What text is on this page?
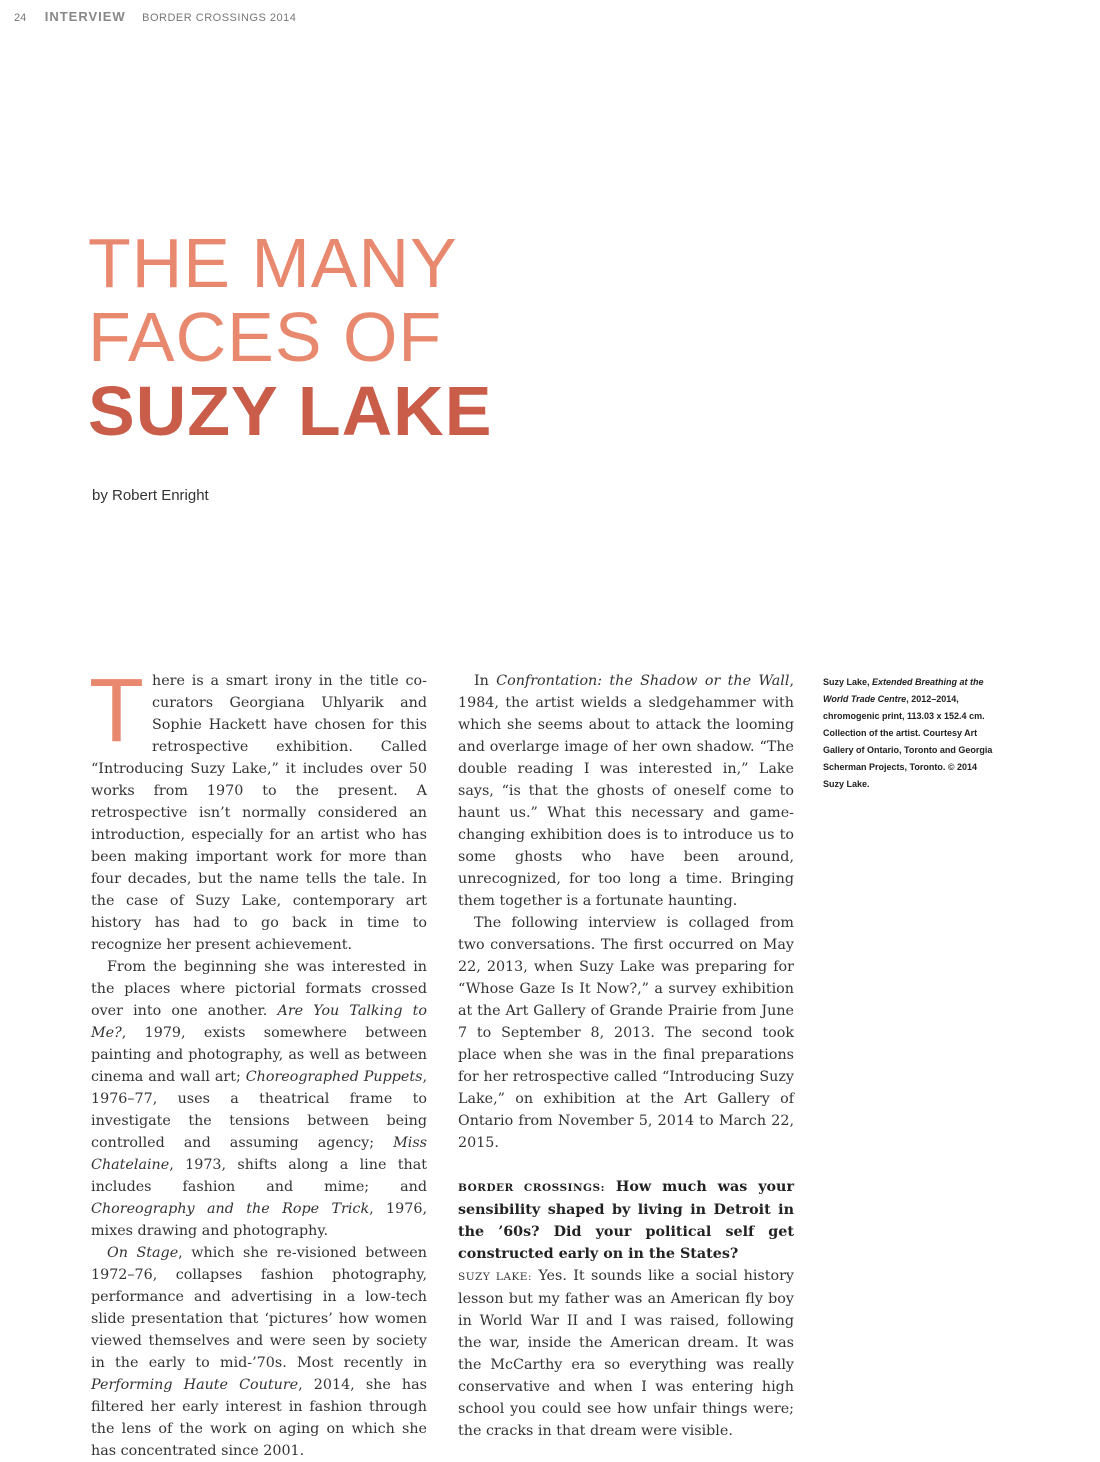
24 INTERVIEW BORDER CROSSINGS 2014
THE MANY
FACES OF
SUZY LAKE
by Robert Enright

There is a smart irony in the title co-curators Georgiana Uhlyarik and Sophie Hackett have chosen for this retrospective exhibition. Called “Introducing Suzy Lake,” it includes over 50 works from 1970 to the present. A retrospective isn’t normally considered an introduction, especially for an artist who has been making important work for more than four decades, but the name tells the tale. In the case of Suzy Lake, contemporary art history has had to go back in time to recognize her present achievement.

From the beginning she was interested in the places where pictorial formats crossed over into one another. Are You Talking to Me?, 1979, exists somewhere between painting and photography, as well as between cinema and wall art; Choreographed Puppets, 1976–77, uses a theatrical frame to investigate the tensions between being controlled and assuming agency; Miss Chatelaine, 1973, shifts along a line that includes fashion and mime; and Choreography and the Rope Trick, 1976, mixes drawing and photography.

On Stage, which she re-visioned between 1972–76, collapses fashion photography, performance and advertising in a low-tech slide presentation that ‘pictures’ how women viewed themselves and were seen by society in the early to mid-’70s. Most recently in Performing Haute Couture, 2014, she has filtered her early interest in fashion through the lens of the work on aging on which she has concentrated since 2001.

In Confrontation: the Shadow or the Wall, 1984, the artist wields a sledgehammer with which she seems about to attack the looming and overlarge image of her own shadow. “The double reading I was interested in,” Lake says, “is that the ghosts of oneself come to haunt us.” What this necessary and game-changing exhibition does is to introduce us to some ghosts who have been around, unrecognized, for too long a time. Bringing them together is a fortunate haunting.

The following interview is collaged from two conversations. The first occurred on May 22, 2013, when Suzy Lake was preparing for “Whose Gaze Is It Now?,” a survey exhibition at the Art Gallery of Grande Prairie from June 7 to September 8, 2013. The second took place when she was in the final preparations for her retrospective called “Introducing Suzy Lake,” on exhibition at the Art Gallery of Ontario from November 5, 2014 to March 22, 2015.

BORDER CROSSINGS: How much was your sensibility shaped by living in Detroit in the ’60s? Did your political self get constructed early on in the States?

SUZY LAKE: Yes. It sounds like a social history lesson but my father was an American fly boy in World War II and I was raised, following the war, inside the American dream. It was the McCarthy era so everything was really conservative and when I was entering high school you could see how unfair things were; the cracks in that dream were visible.

Suzy Lake, Extended Breathing at the World Trade Centre, 2012–2014, chromogenic print, 113.03 x 152.4 cm. Collection of the artist. Courtesy Art Gallery of Ontario, Toronto and Georgia Scherman Projects, Toronto. © 2014 Suzy Lake.
